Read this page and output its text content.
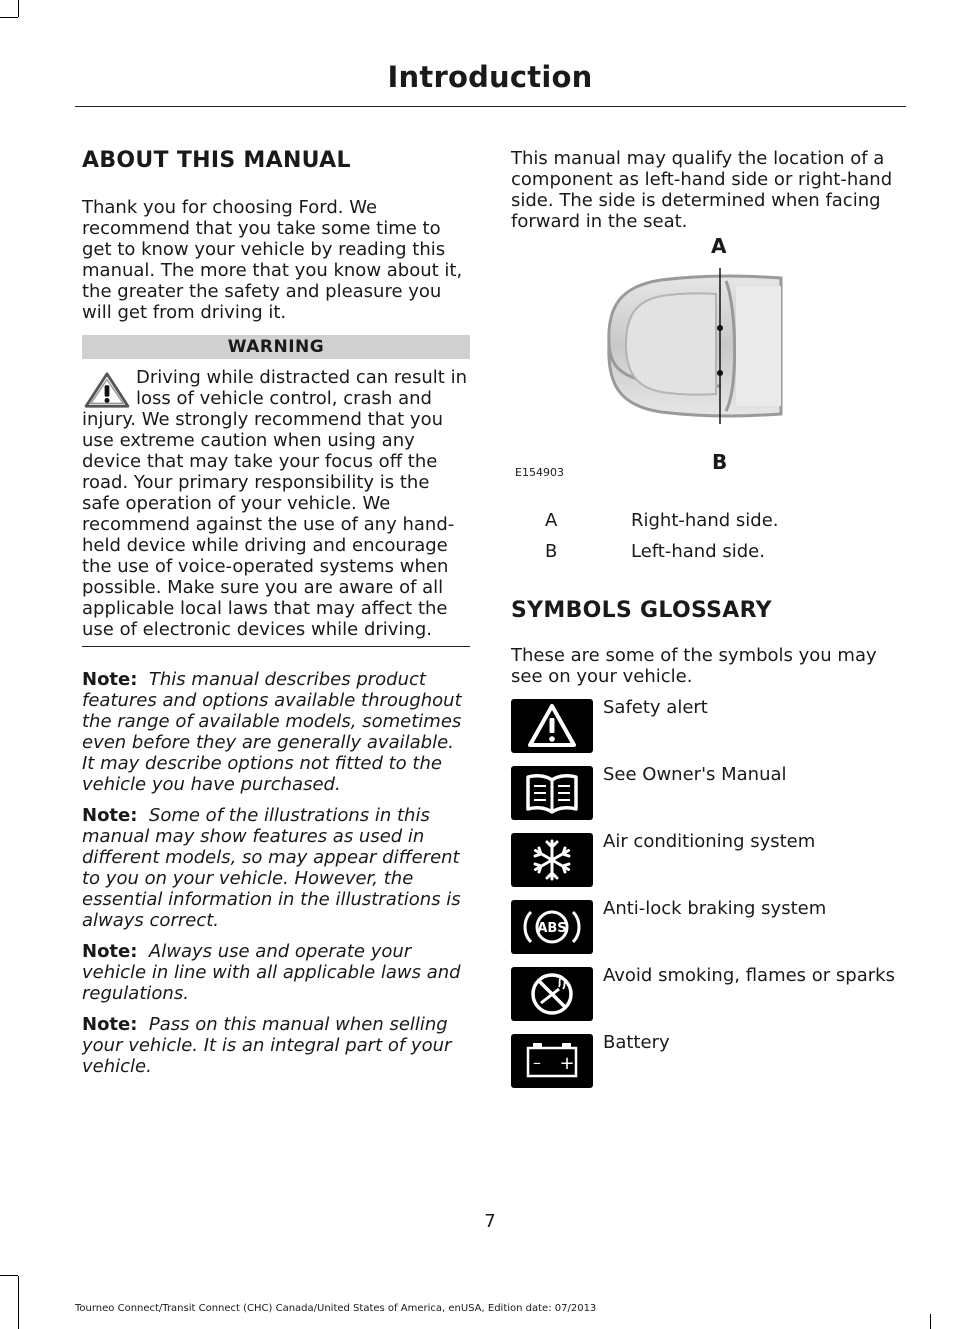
Introduction
ABOUT THIS MANUAL

Thank you for choosing Ford. We recommend that you take some time to get to know your vehicle by reading this manual. The more that you know about it, the greater the safety and pleasure you will get from driving it.

WARNING

Driving while distracted can result in loss of vehicle control, crash and injury. We strongly recommend that you use extreme caution when using any device that may take your focus off the road. Your primary responsibility is the safe operation of your vehicle. We recommend against the use of any hand-held device while driving and encourage the use of voice-operated systems when possible. Make sure you are aware of all applicable local laws that may affect the use of electronic devices while driving.

Note: This manual describes product features and options available throughout the range of available models, sometimes even before they are generally available. It may describe options not fitted to the vehicle you have purchased.

Note: Some of the illustrations in this manual may show features as used in different models, so may appear different to you on your vehicle. However, the essential information in the illustrations is always correct.

Note: Always use and operate your vehicle in line with all applicable laws and regulations.

Note: Pass on this manual when selling your vehicle. It is an integral part of your vehicle.

This manual may qualify the location of a component as left-hand side or right-hand side. The side is determined when facing forward in the seat.

A
B
E154903
A	Right-hand side.
B	Left-hand side.
SYMBOLS GLOSSARY

These are some of the symbols you may see on your vehicle.

Safety alert
See Owner's Manual
Air conditioning system
ABS
Anti-lock braking system
Avoid smoking, flames or sparks
– +
Battery
7
Tourneo Connect/Transit Connect (CHC) Canada/United States of America, enUSA, Edition date: 07/2013
